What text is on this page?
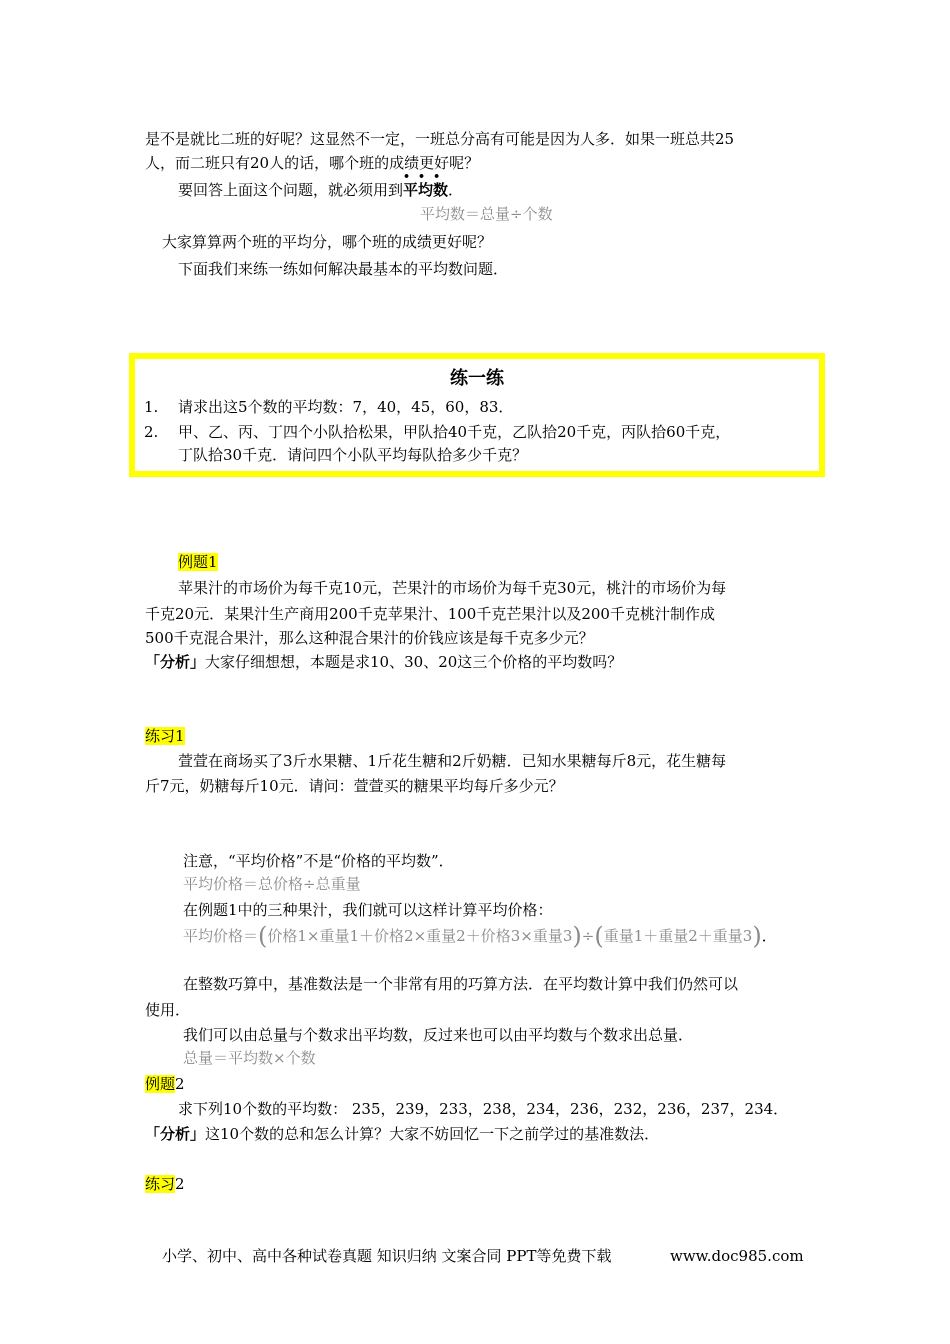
是不是就比二班的好呢？这显然不一定，一班总分高有可能是因为人多．如果一班总共25
人，而二班只有20人的话，哪个班的成绩更好呢？
要回答上面这个问题，就必须用到
•••
平均数．
平均数＝总量÷个数
大家算算两个班的平均分，哪个班的成绩更好呢？
下面我们来练一练如何解决最基本的平均数问题．
练一练
1. 请求出这5个数的平均数：7，40，45，60，83．
2. 甲、乙、丙、丁四个小队拾松果，甲队拾40千克，乙队拾20千克，丙队拾60千克，
丁队拾30千克．请问四个小队平均每队拾多少千克？
例题1
苹果汁的市场价为每千克10元，芒果汁的市场价为每千克30元，桃汁的市场价为每
千克20元．某果汁生产商用200千克苹果汁、100千克芒果汁以及200千克桃汁制作成
500千克混合果汁，那么这种混合果汁的价钱应该是每千克多少元？
「分析」大家仔细想想，本题是求10、30、20这三个价格的平均数吗？
练习1
萱萱在商场买了3斤水果糖、1斤花生糖和2斤奶糖．已知水果糖每斤8元，花生糖每
斤7元，奶糖每斤10元．请问：萱萱买的糖果平均每斤多少元？
注意，“平均价格”不是“价格的平均数”．
平均价格＝总价格÷总重量
在例题1中的三种果汁，我们就可以这样计算平均价格：
平均价格＝(价格1×重量1＋价格2×重量2＋价格3×重量3)÷(重量1＋重量2＋重量3)．
在整数巧算中，基准数法是一个非常有用的巧算方法．在平均数计算中我们仍然可以
使用．
我们可以由总量与个数求出平均数，反过来也可以由平均数与个数求出总量．
总量＝平均数×个数
例题2
求下列10个数的平均数： 235，239，233，238，234，236，232，236，237，234．
「分析」这10个数的总和怎么计算？大家不妨回忆一下之前学过的基准数法．
练习2
小学、初中、高中各种试卷真题 知识归纳 文案合同 PPT等免费下载	www.doc985.com
